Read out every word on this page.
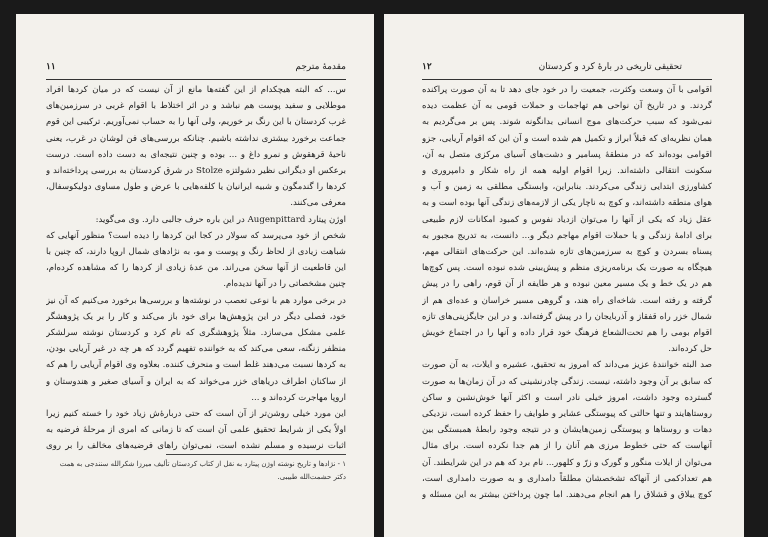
مقدمهٔ مترجم
۱۱

س... که البته هیچکدام از این گفته‌ها مانع از آن نیست که در میان کردها افراد موطلایی و سفید پوست هم نباشد و در اثر اختلاط با اقوام غربی در سرزمین‌های غرب کردستان با این رنگ بر خوریم، ولی آنها را به حساب نمی‌آوریم. ترکیبی این قوم جماعت برخورد بیشتری نداشته باشیم. چنانکه بررسی‌های فن لوشان در غرب، یعنی ناحیهٔ قرهقوش و نمرو داغ و ... بوده و چنین نتیجه‌ای به دست داده است. درست برعکس او دیگرانی نظیر دشولتزه Stolze در شرق کردستان به بررسی پرداخته‌اند و کردها را گندمگون و شبیه ایرانیان یا کلفه‌هایی با عرض و طول مساوی دولیکوسفال، معرفی می‌کنند.

اوژن پیتارد Augenpittard در این باره حرف جالبی دارد. وی می‌گوید:

شخص از خود می‌پرسد که سولار در کجا این کردها را دیده است؟ منظور آنهایی که شباهت زیادی از لحاظ رنگ و پوست و مو، به نژادهای شمال اروپا دارند، که چنین با این قاطعیت از آنها سخن می‌راند. من عدهٔ زیادی از کردها را که مشاهده کرده‌ام، چنین مشخصاتی را در آنها ندیده‌ام.

در برخی موارد هم با نوعی تعصب در نوشته‌ها و بررسی‌ها برخورد می‌کنیم که آن نیز خود، فصلی دیگر در این پژوهش‌ها برای خود باز می‌کند و کار را بر یک پژوهشگر علمی مشکل می‌سازد. مثلاً پژوهشگری که نام کرد و کردستان نوشته سرلشکر منظفر زنگنه، سعی می‌کند که به خواننده تفهیم گردد که هر چه در غیر آریایی بودن، به کردها نسبت می‌دهند غلط است و منحرف کننده. بعلاوه وی اقوام آریایی را هم که از ساکنان اطراف دریاهای خزر می‌خواند که به ایران و آسیای صغیر و هندوستان و اروپا مهاجرت کرده‌اند و ...

این مورد خیلی روشن‌تر از آن است که حتی دربارهٔ‌ش زیاد خود را خسته کنیم زیرا اولاً یکی از شرایط تحقیق علمی آن است که تا زمانی که امری از مرحلهٔ فرضیه به اثبات نرسیده و مسلم نشده است، نمی‌توان را‌های فرضیه‌های مخالف را بر روی

۱ - نژادها و تاریخ نوشته اوژن پیتارد به نقل از کتاب کردستان تألیف میرزا شکرالله سنندجی به همت
دکتر حشمت‌الله طبیبی.
تحقیقی تاریخی در بارهٔ کرد و کردستان
۱۲

اقوامی با آن وسعت وکثرت، جمعیت را در خود جای دهد تا به آن صورت پراکنده گردند. و در تاریخ آن نواحی هم تهاجمات و حملات قومی به آن عظمت دیده نمی‌شود که سبب حرکت‌های موج انسانی بدانگونه شوند. پس بر می‌گردیم به همان نظریه‌ای که قبلاً ابراز و تکمیل هم شده است و آن این که اقوام آریایی، جزو اقوامی بوده‌اند که در منطقهٔ پسامیر و دشت‌های آسیای مرکزی متصل به آن، سکونت انتقالی داشته‌اند. زیرا اقوام اولیه همه از راه شکار و دامپروری و کشاورزی ابتدایی زندگی می‌کردند. بنابراین، وابستگی مطلقی به زمین و آب و هوای منطقه داشته‌اند، و کوچ به ناچار یکی از لازمه‌های زندگی آنها بوده است و به عقل زیاد که یکی از آنها را می‌توان ازدیاد نفوس و کمبود امکانات لازم طبیعی برای ادامهٔ زندگی و یا حملات اقوام مهاجم دیگر و... دانست، به تدریج مجبور به پسناه بسردن و کوچ به سرزمین‌های تازه شده‌اند. این حرکت‌های انتقالی مهم، هیچگاه به صورت یک برنامه‌ریزی منظم و پیش‌بینی شده نبوده است. پس کوچ‌ها هم در یک خط و یک مسیر معین نبوده و هر طایفه از آن قوم، راهی را در پیش گرفته و رفته است. شاخه‌ای راه هند، و گروهی مسیر خراسان و عده‌ای هم از شمال خزر راه قفقاز و آذربایجان را در پیش گرفته‌اند. و در این جایگزینی‌های تازه اقوام بومی را هم تحت‌الشعاع فرهنگ خود قرار داده و آنها را در اجتماع خویش حل کرده‌اند.

صد البته خوانندهٔ عزیز می‌داند که امروز به تحقیق، عشیره و ایلات، به آن صورت که سابق بر آن وجود داشته، نیست. زندگی چادرنشینی که در آن زمان‌ها به صورت گسترده وجود داشت، امروز خیلی نادر است و اکثر آنها خوش‌نشین و ساکن روستاهایند و تنها حالتی که پیوستگی عشایر و طوایف را حفظ کرده است، نزدیکی دهات و روستاها و پیوستگی زمین‌هایشان و در نتیجه وجود رابطهٔ همبستگی بین آنهاست که حتی خطوط مرزی هم آنان را از هم جدا نکرده است. برای مثال می‌توان از ایلات منگور و گورک و زرّ و کلهور... نام برد که هم در این شرایطند. آن هم تعدادکمی از آنهاکه تشخصشان مطلقاً دامداری و به صورت دامداری است، کوچ ییلاق و قشلاق را هم انجام می‌دهند. اما چون پرداختن بیشتر به این مسئله و
